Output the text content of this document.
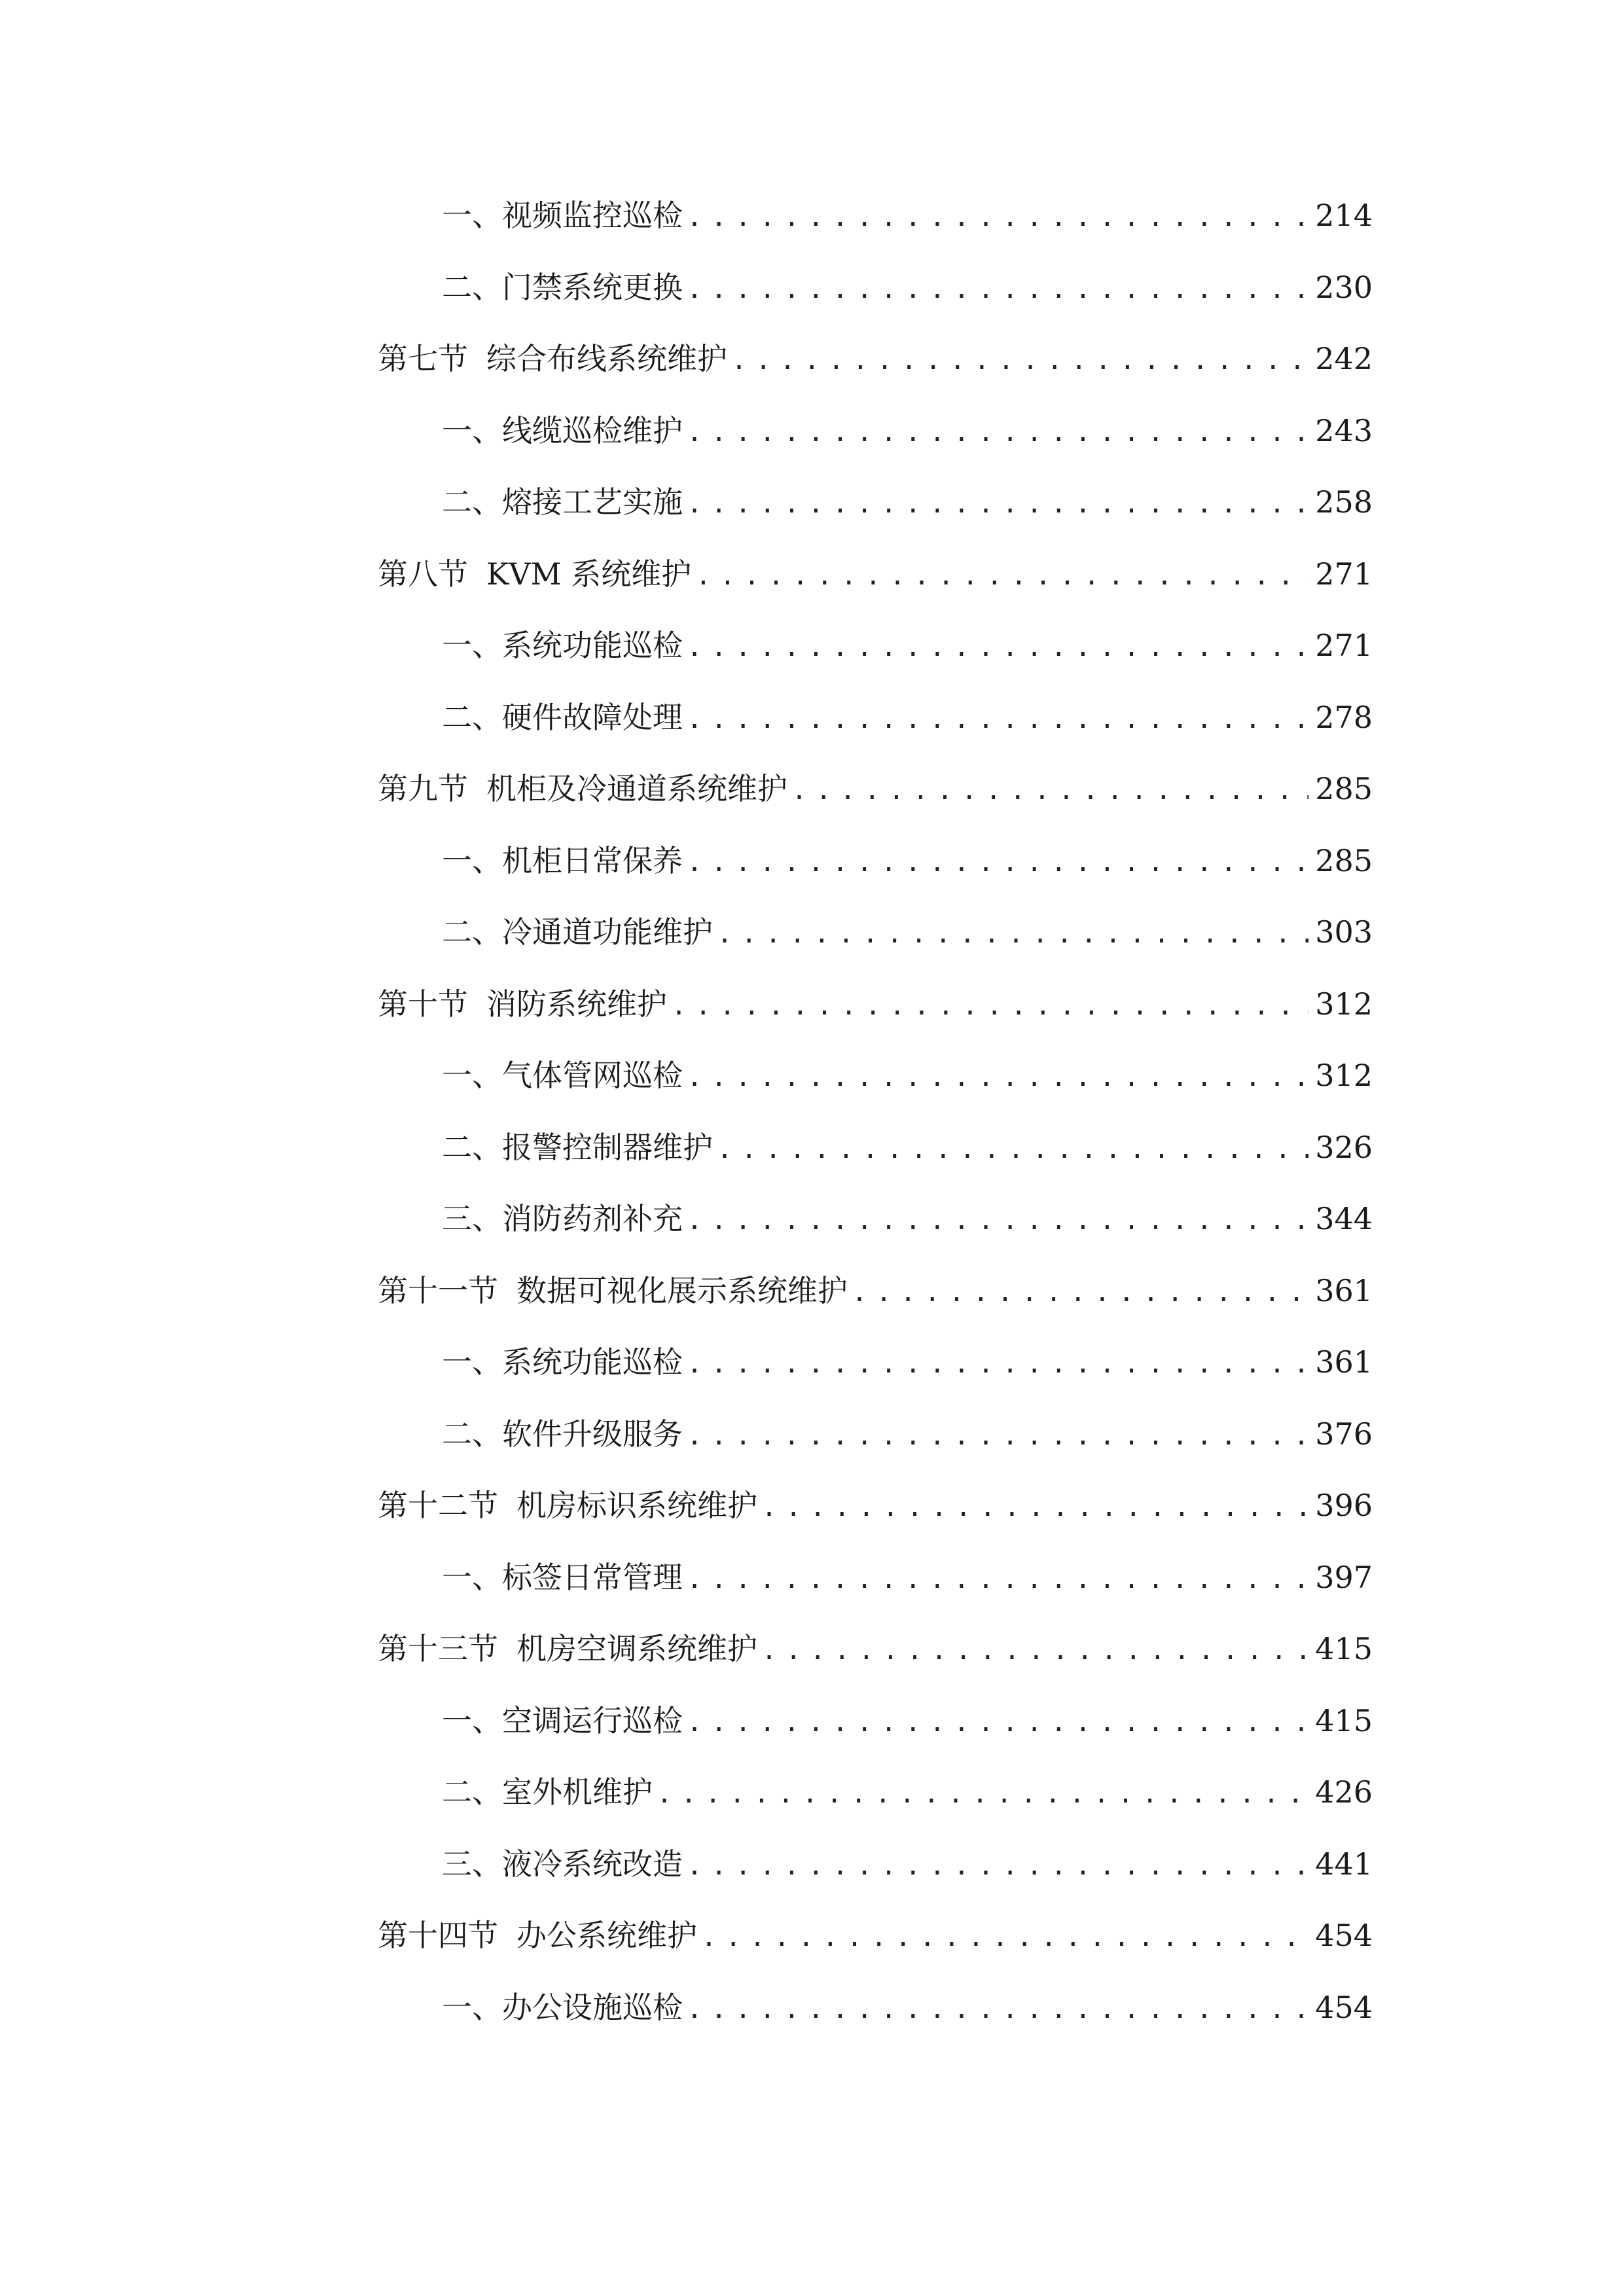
一、 视频监控巡检 .....	214
二、 门禁系统更换 .....	230
第七节 综合布线系统维护 .....	242
一、 线缆巡检维护 .....	243
二、 熔接工艺实施 .....	258
第八节 KVM 系统维护 .....	271
一、 系统功能巡检 .....	271
二、 硬件故障处理 .....	278
第九节 机柜及冷通道系统维护 .....	285
一、 机柜日常保养 .....	285
二、 冷通道功能维护 .....	303
第十节 消防系统维护 .....	312
一、 气体管网巡检 .....	312
二、 报警控制器维护 .....	326
三、 消防药剂补充 .....	344
第十一节 数据可视化展示系统维护 .....	361
一、 系统功能巡检 .....	361
二、 软件升级服务 .....	376
第十二节 机房标识系统维护 .....	396
一、 标签日常管理 .....	397
第十三节 机房空调系统维护 .....	415
一、 空调运行巡检 .....	415
二、 室外机维护 .....	426
三、 液冷系统改造 .....	441
第十四节 办公系统维护 .....	454
一、 办公设施巡检 .....	454
